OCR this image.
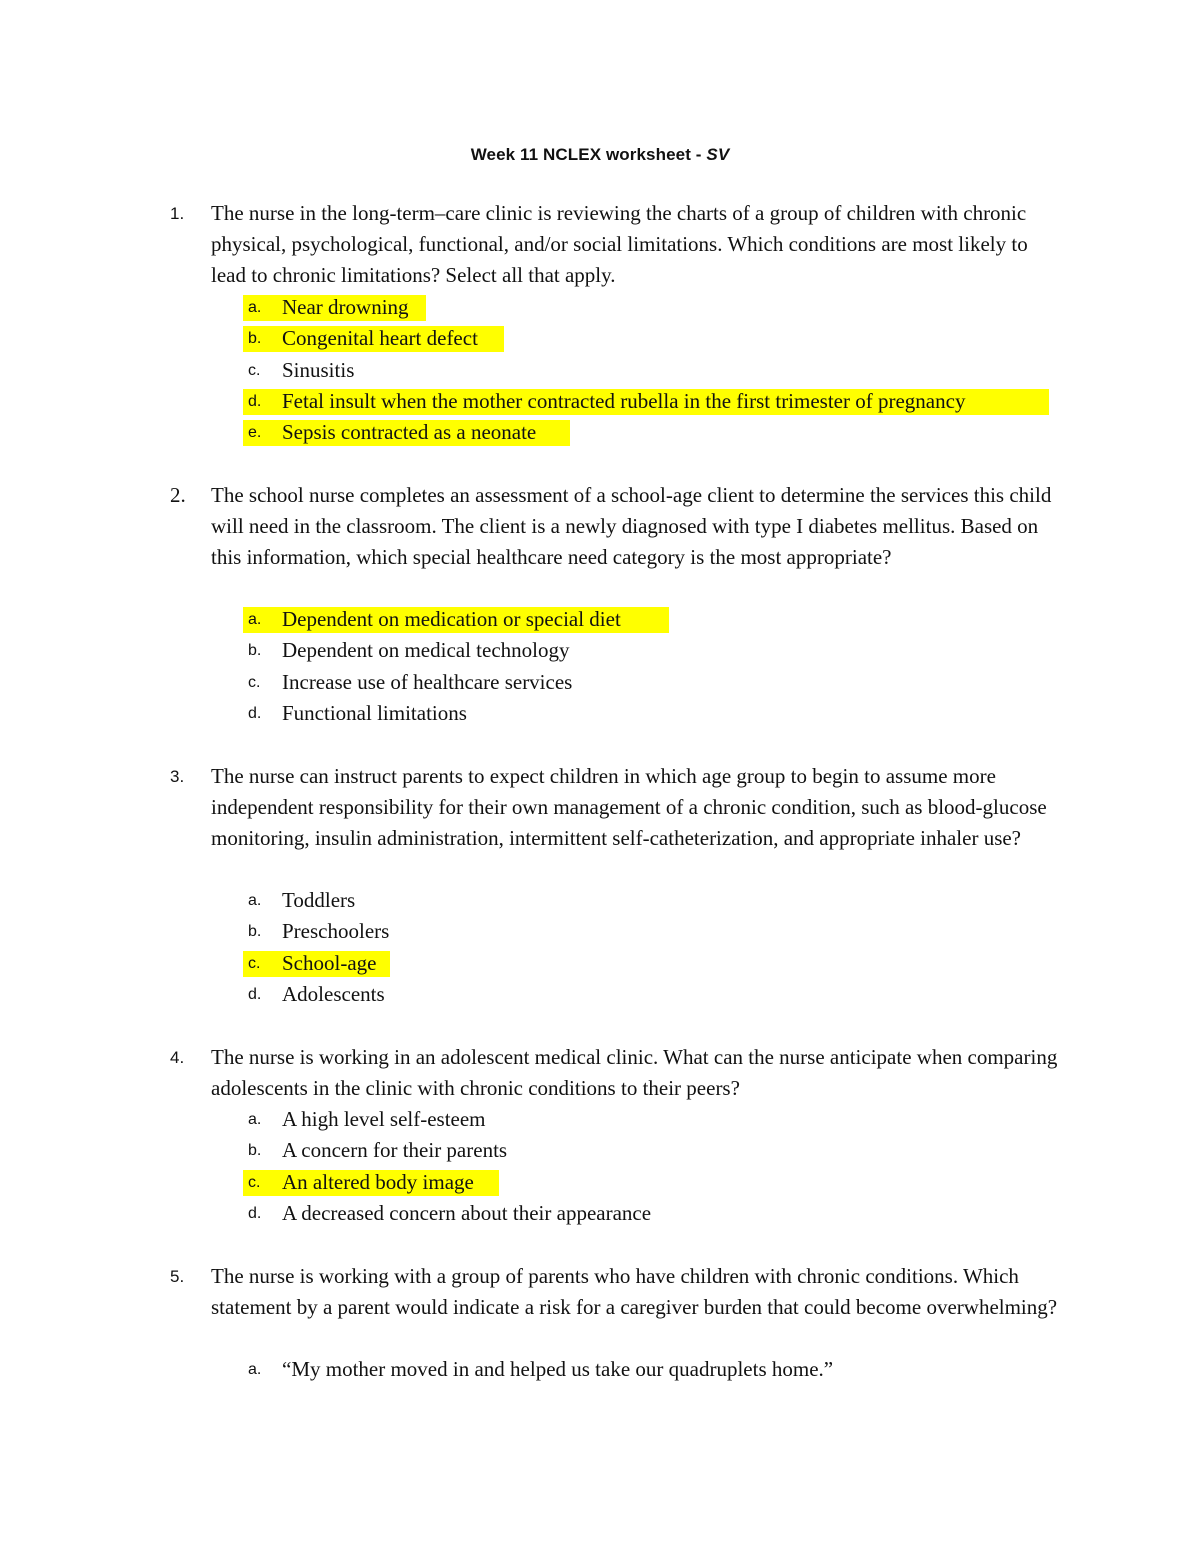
Week 11 NCLEX worksheet - SV
1. The nurse in the long-term–care clinic is reviewing the charts of a group of children with chronic physical, psychological, functional, and/or social limitations. Which conditions are most likely to lead to chronic limitations? Select all that apply.
a. Near drowning
b. Congenital heart defect
c. Sinusitis
d. Fetal insult when the mother contracted rubella in the first trimester of pregnancy
e. Sepsis contracted as a neonate
2. The school nurse completes an assessment of a school-age client to determine the services this child will need in the classroom. The client is a newly diagnosed with type I diabetes mellitus. Based on this information, which special healthcare need category is the most appropriate?
a. Dependent on medication or special diet
b. Dependent on medical technology
c. Increase use of healthcare services
d. Functional limitations
3. The nurse can instruct parents to expect children in which age group to begin to assume more independent responsibility for their own management of a chronic condition, such as blood-glucose monitoring, insulin administration, intermittent self-catheterization, and appropriate inhaler use?
a. Toddlers
b. Preschoolers
c. School-age
d. Adolescents
4. The nurse is working in an adolescent medical clinic. What can the nurse anticipate when comparing adolescents in the clinic with chronic conditions to their peers?
a. A high level self-esteem
b. A concern for their parents
c. An altered body image
d. A decreased concern about their appearance
5. The nurse is working with a group of parents who have children with chronic conditions. Which statement by a parent would indicate a risk for a caregiver burden that could become overwhelming?
a. “My mother moved in and helped us take our quadruplets home.”
